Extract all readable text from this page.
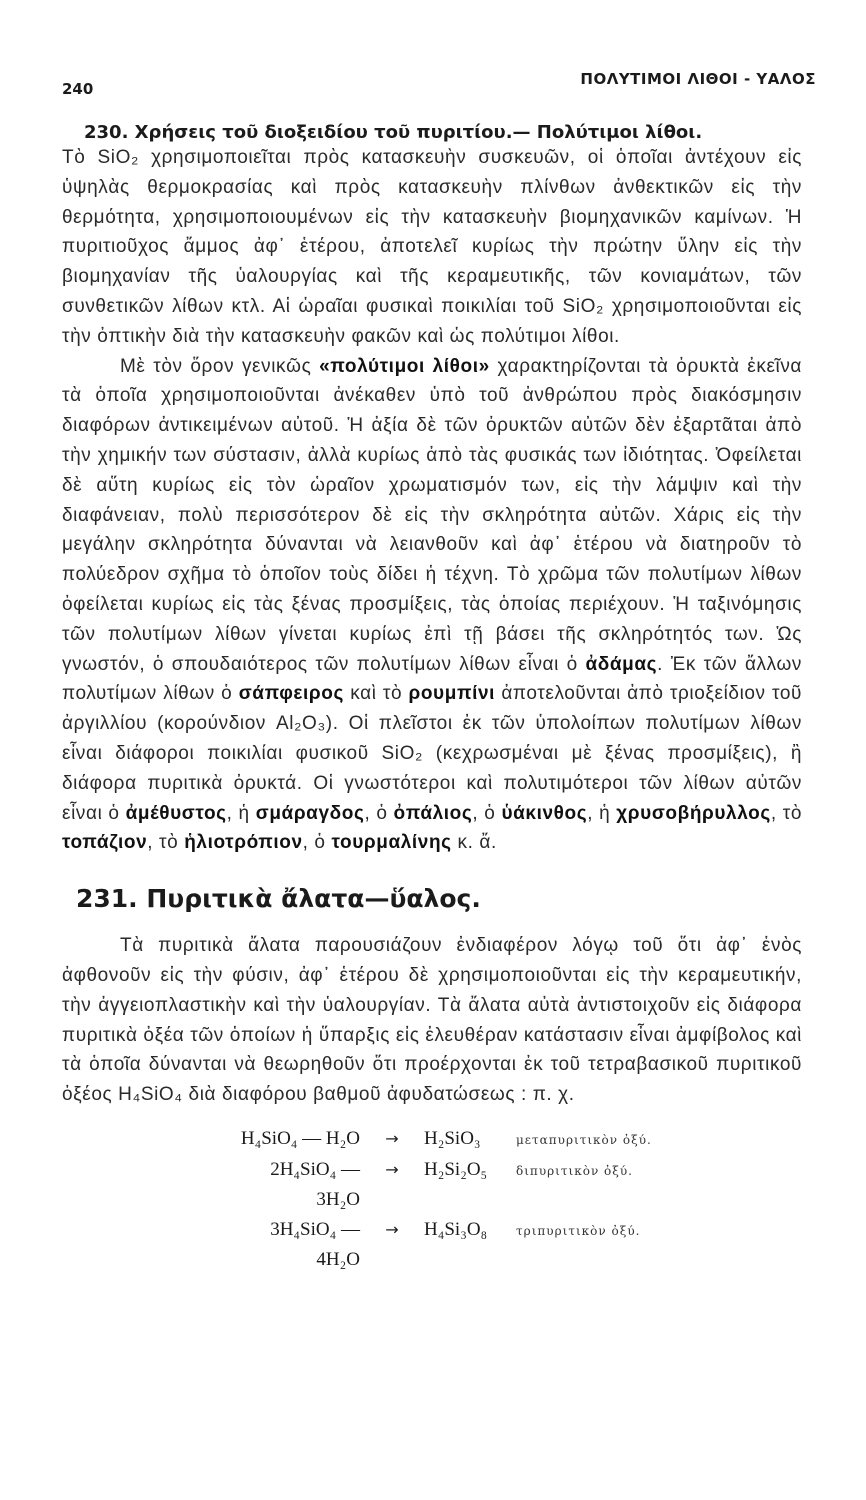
240
ΠΟΛΥΤΙΜΟΙ ΛΙΘΟΙ - ΥΑΛΟΣ
230. Χρήσεις τοῦ διοξειδίου τοῦ πυριτίου.— Πολύτιμοι λίθοι.

Τὸ SiO₂ χρησιμοποιεῖται πρὸς κατασκευὴν συσκευῶν, οἱ ὁποῖαι ἀντέχουν εἰς ὑψηλὰς θερμοκρασίας καὶ πρὸς κατασκευὴν πλίνθων ἀνθεκτικῶν εἰς τὴν θερμότητα, χρησιμοποιουμένων εἰς τὴν κατασκευὴν βιομηχανικῶν καμίνων. Ἡ πυριτιοῦχος ἄμμος ἀφ᾽ ἑτέρου, ἀποτελεῖ κυρίως τὴν πρώτην ὕλην εἰς τὴν βιομηχανίαν τῆς ὑαλουργίας καὶ τῆς κεραμευτικῆς, τῶν κονιαμάτων, τῶν συνθετικῶν λίθων κτλ. Αἱ ὡραῖαι φυσικαὶ ποικιλίαι τοῦ SiO₂ χρησιμοποιοῦνται εἰς τὴν ὀπτικὴν διὰ τὴν κατασκευὴν φακῶν καὶ ὡς πολύτιμοι λίθοι.

Μὲ τὸν ὅρον γενικῶς «πολύτιμοι λίθοι» χαρακτηρίζονται τὰ ὀρυκτὰ ἐκεῖνα τὰ ὁποῖα χρησιμοποιοῦνται ἀνέκαθεν ὑπὸ τοῦ ἀνθρώπου πρὸς διακόσμησιν διαφόρων ἀντικειμένων αὐτοῦ. Ἡ ἀξία δὲ τῶν ὀρυκτῶν αὐτῶν δὲν ἐξαρτᾶται ἀπὸ τὴν χημικήν των σύστασιν, ἀλλὰ κυρίως ἀπὸ τὰς φυσικάς των ἰδιότητας. Ὀφείλεται δὲ αὕτη κυρίως εἰς τὸν ὡραῖον χρωματισμόν των, εἰς τὴν λάμψιν καὶ τὴν διαφάνειαν, πολὺ περισσότερον δὲ εἰς τὴν σκληρότητα αὐτῶν. Χάρις εἰς τὴν μεγάλην σκληρότητα δύνανται νὰ λειανθοῦν καὶ ἀφ᾽ ἑτέρου νὰ διατηροῦν τὸ πολύεδρον σχῆμα τὸ ὁποῖον τοὺς δίδει ἡ τέχνη. Τὸ χρῶμα τῶν πολυτίμων λίθων ὀφείλεται κυρίως εἰς τὰς ξένας προσμίξεις, τὰς ὁποίας περιέχουν. Ἡ ταξινόμησις τῶν πολυτίμων λίθων γίνεται κυρίως ἐπὶ τῇ βάσει τῆς σκληρότητός των. Ὡς γνωστόν, ὁ σπουδαιότερος τῶν πολυτίμων λίθων εἶναι ὁ ἀδάμας. Ἐκ τῶν ἄλλων πολυτίμων λίθων ὁ σάπφειρος καὶ τὸ ρουμπίνι ἀποτελοῦνται ἀπὸ τριοξείδιον τοῦ ἀργιλλίου (κορούνδιον Al₂O₃). Οἱ πλεῖστοι ἐκ τῶν ὑπολοίπων πολυτίμων λίθων εἶναι διάφοροι ποικιλίαι φυσικοῦ SiO₂ (κεχρωσμέναι μὲ ξένας προσμίξεις), ἢ διάφορα πυριτικὰ ὀρυκτά. Οἱ γνωστότεροι καὶ πολυτιμότεροι τῶν λίθων αὐτῶν εἶναι ὁ ἀμέθυστος, ἡ σμάραγδος, ὁ ὀπάλιος, ὁ ὑάκινθος, ἡ χρυσοβήρυλλος, τὸ τοπάζιον, τὸ ἡλιοτρόπιον, ὁ τουρμαλίνης κ. ἄ.

231. Πυριτικὰ ἄλατα—ὕαλος.

Τὰ πυριτικὰ ἄλατα παρουσιάζουν ἐνδιαφέρον λόγῳ τοῦ ὅτι ἀφ᾽ ἑνὸς ἀφθονοῦν εἰς τὴν φύσιν, ἀφ᾽ ἑτέρου δὲ χρησιμοποιοῦνται εἰς τὴν κεραμευτικήν, τὴν ἀγγειοπλαστικὴν καὶ τὴν ὑαλουργίαν. Τὰ ἄλατα αὐτὰ ἀντιστοιχοῦν εἰς διάφορα πυριτικὰ ὀξέα τῶν ὁποίων ἡ ὕπαρξις εἰς ἐλευθέραν κατάστασιν εἶναι ἀμφίβολος καὶ τὰ ὁποῖα δύνανται νὰ θεωρηθοῦν ὅτι προέρχονται ἐκ τοῦ τετραβασικοῦ πυριτικοῦ ὀξέος H₄SiO₄ διὰ διαφόρου βαθμοῦ ἀφυδατώσεως : π. χ.

H₄SiO₄ — H₂O	→	H₂SiO₃	μεταπυριτικὸν ὀξύ.
2H₄SiO₄ — 3H₂O
→	H₂Si₂O₅	διπυριτικὸν ὀξύ.
3H₄SiO₄ — 4H₂O
→	H₄Si₃O₈	τριπυριτικὸν ὀξύ.
